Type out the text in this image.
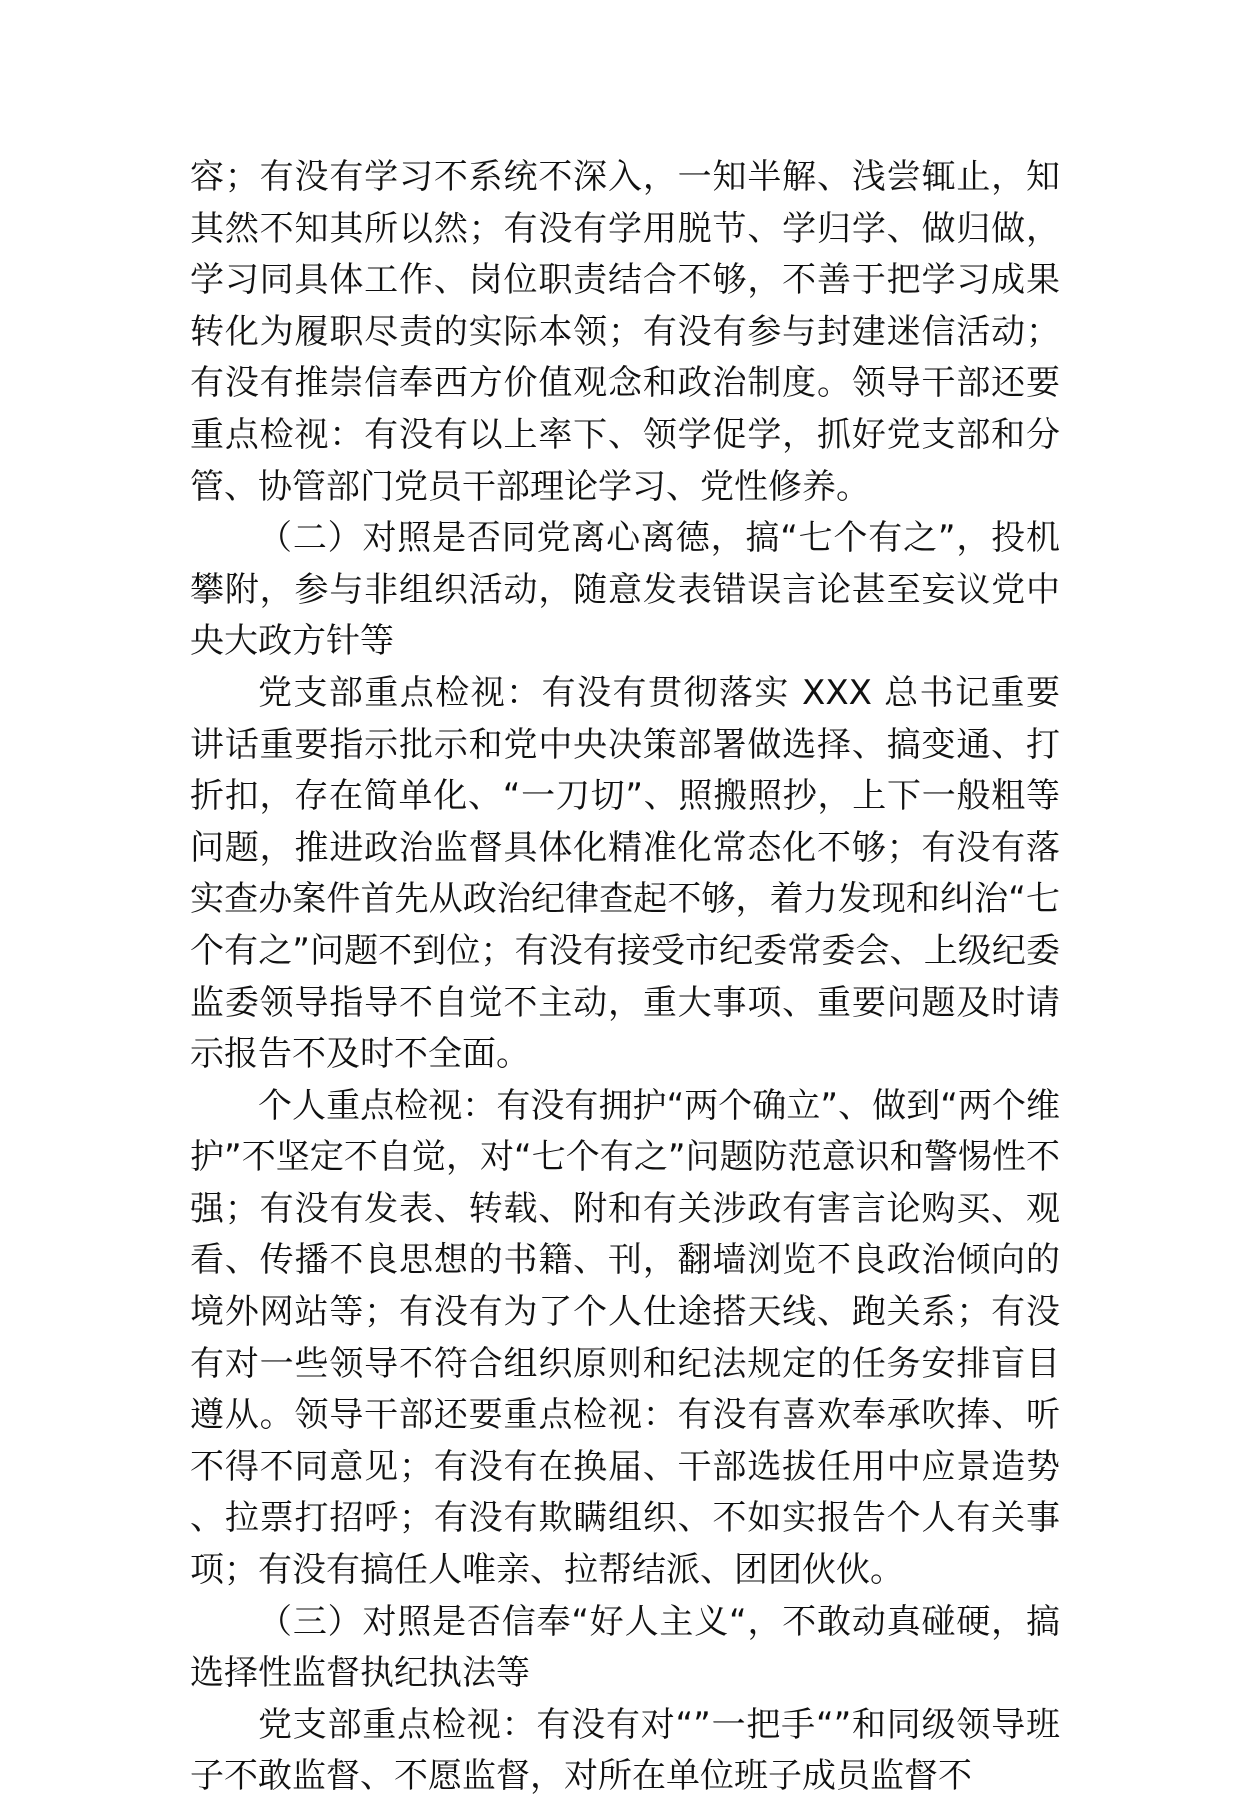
容；有没有学习不系统不深入，一知半解、浅尝辄止，知其然不知其所以然；有没有学用脱节、学归学、做归做，学习同具体工作、岗位职责结合不够，不善于把学习成果转化为履职尽责的实际本领；有没有参与封建迷信活动；有没有推崇信奉西方价值观念和政治制度。领导干部还要重点检视：有没有以上率下、领学促学，抓好党支部和分管、协管部门党员干部理论学习、党性修养。

（二）对照是否同党离心离德，搞“七个有之”，投机攀附，参与非组织活动，随意发表错误言论甚至妄议党中央大政方针等

党支部重点检视：有没有贯彻落实 XXX 总书记重要讲话重要指示批示和党中央决策部署做选择、搞变通、打折扣，存在简单化、“一刀切”、照搬照抄，上下一般粗等问题，推进政治监督具体化精准化常态化不够；有没有落实查办案件首先从政治纪律查起不够，着力发现和纠治“七个有之”问题不到位；有没有接受市纪委常委会、上级纪委监委领导指导不自觉不主动，重大事项、重要问题及时请示报告不及时不全面。

个人重点检视：有没有拥护“两个确立”、做到“两个维护”不坚定不自觉，对“七个有之”问题防范意识和警惕性不强；有没有发表、转载、附和有关涉政有害言论购买、观看、传播不良思想的书籍、刊，翻墙浏览不良政治倾向的境外网站等；有没有为了个人仕途搭天线、跑关系；有没有对一些领导不符合组织原则和纪法规定的任务安排盲目遵从。领导干部还要重点检视：有没有喜欢奉承吹捧、听不得不同意见；有没有在换届、干部选拔任用中应景造势、拉票打招呼；有没有欺瞒组织、不如实报告个人有关事项；有没有搞任人唯亲、拉帮结派、团团伙伙。

（三）对照是否信奉“好人主义“，不敢动真碰硬，搞选择性监督执纪执法等

党支部重点检视：有没有对“”一把手“”和同级领导班子不敢监督、不愿监督，对所在单位班子成员监督不
